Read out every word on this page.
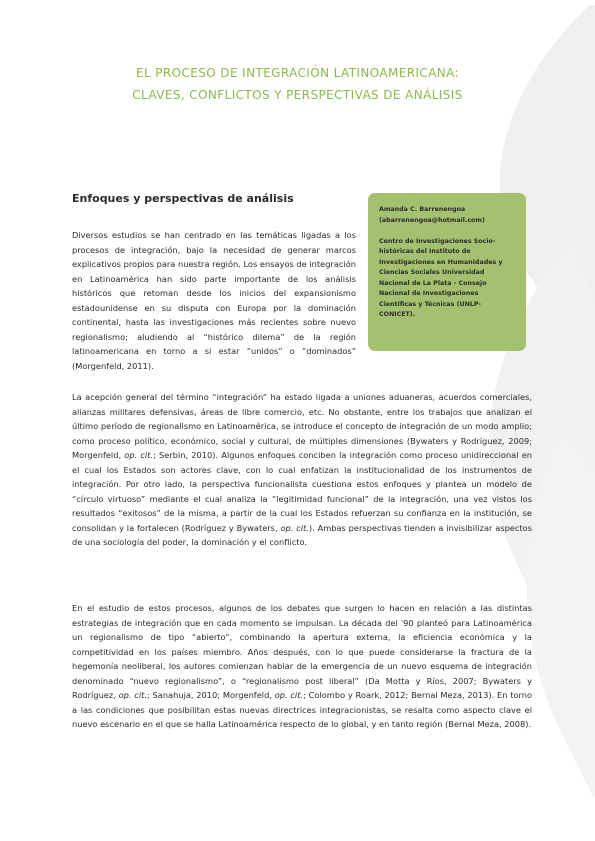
EL PROCESO DE INTEGRACIÓN LATINOAMERICANA:
CLAVES, CONFLICTOS Y PERSPECTIVAS DE ANÁLISIS
Enfoques y perspectivas de análisis

Amanda C. Barrenengoa

(abarrenengoa@hotmail.com)

Centro de Investigaciones Socio-históricas del Instituto de Investigaciones en Humanidades y Ciencias Sociales Universidad Nacional de La Plata - Consejo Nacional de Investigaciones Científicas y Técnicas (UNLP-CONICET).

Diversos estudios se han centrado en las temáticas ligadas a los procesos de integración, bajo la necesidad de generar marcos explicativos propios para nuestra región. Los ensayos de integración en Latinoamérica han sido parte importante de los análisis históricos que retoman desde los inicios del expansionismo estadounidense en su disputa con Europa por la dominación continental, hasta las investigaciones más recientes sobre nuevo regionalismo; aludiendo al “histórico dilema” de la región latinoamericana en torno a si estar “unidos” o “dominados” (Morgenfeld, 2011).

La acepción general del término “integración” ha estado ligada a uniones aduaneras, acuerdos comerciales, alianzas militares defensivas, áreas de libre comercio, etc. No obstante, entre los trabajos que analizan el último período de regionalismo en Latinoamérica, se introduce el concepto de integración de un modo amplio; como proceso político, económico, social y cultural, de múltiples dimensiones (Bywaters y Rodríguez, 2009; Morgenfeld, op. cit.; Serbin, 2010). Algunos enfoques conciben la integración como proceso unidireccional en el cual los Estados son actores clave, con lo cual enfatizan la institucionalidad de los instrumentos de integración. Por otro lado, la perspectiva funcionalista cuestiona estos enfoques y plantea un modelo de “círculo virtuoso” mediante el cual analiza la “legitimidad funcional” de la integración, una vez vistos los resultados “exitosos” de la misma, a partir de la cual los Estados refuerzan su confianza en la institución, se consolidan y la fortalecen (Rodríguez y Bywaters, op. cit.). Ambas perspectivas tienden a invisibilizar aspectos de una sociología del poder, la dominación y el conflicto.

En el estudio de estos procesos, algunos de los debates que surgen lo hacen en relación a las distintas estrategias de integración que en cada momento se impulsan. La década del '90 planteó para Latinoamérica un regionalismo de tipo “abierto”, combinando la apertura externa, la eficiencia económica y la competitividad en los países miembro. Años después, con lo que puede considerarse la fractura de la hegemonía neoliberal, los autores comienzan hablar de la emergencia de un nuevo esquema de integración denominado “nuevo regionalismo”, o “regionalismo post liberal” (Da Motta y Ríos, 2007; Bywaters y Rodríguez, op. cit.; Sanahuja, 2010; Morgenfeld, op. cit.; Colombo y Roark, 2012; Bernal Meza, 2013). En torno a las condiciones que posibilitan estas nuevas directrices integracionistas, se resalta como aspecto clave el nuevo escenario en el que se halla Latinoamérica respecto de lo global, y en tanto región (Bernal Meza, 2008).
